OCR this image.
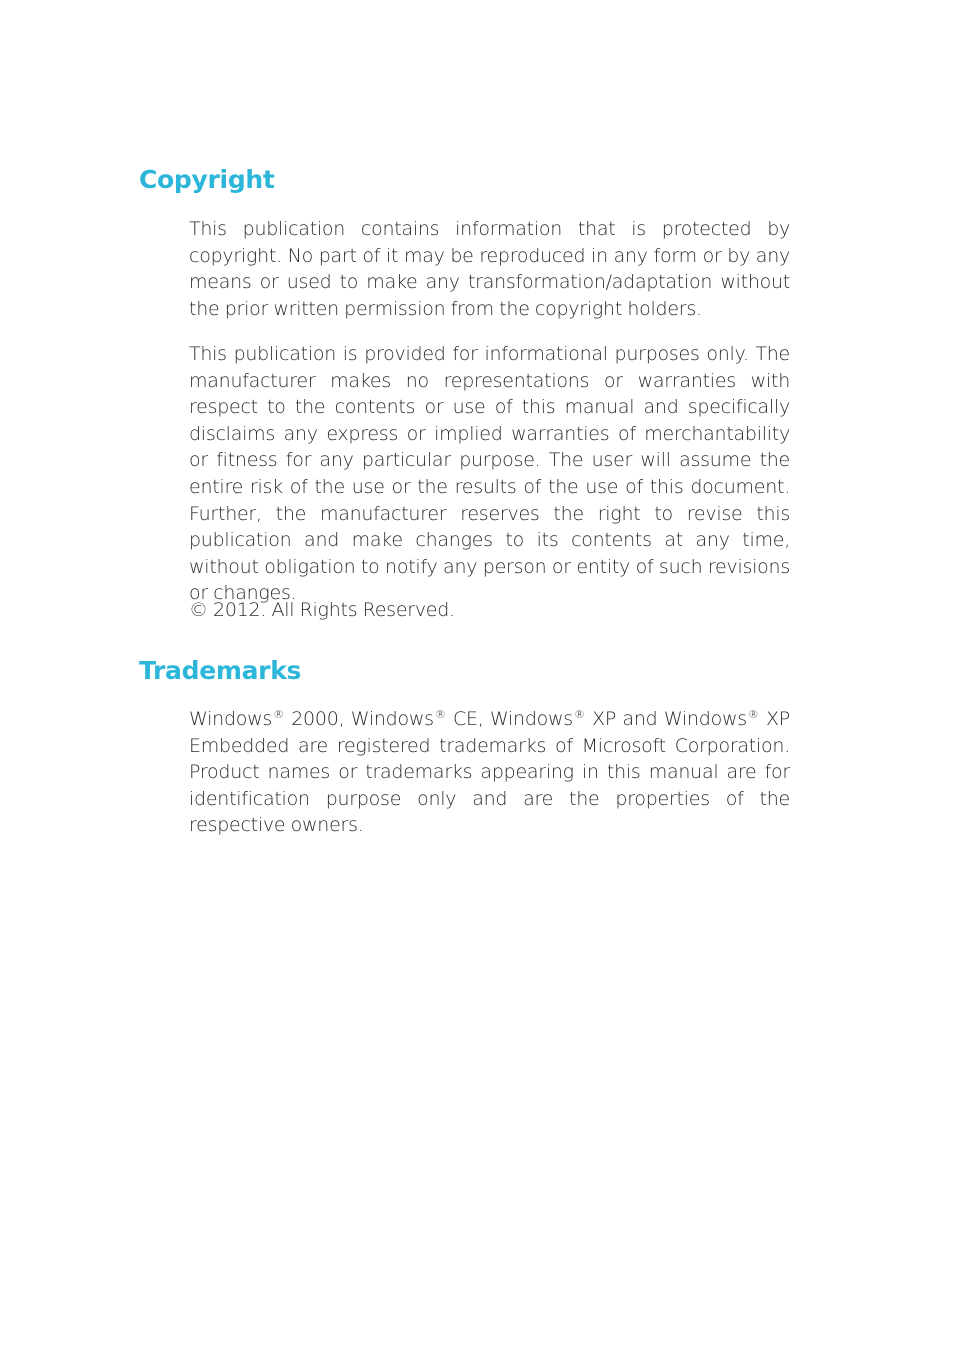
Copyright

This publication contains information that is protected by copyright. No part of it may be reproduced in any form or by any means or used to make any transformation/adaptation without the prior written permission from the copyright holders.

This publication is provided for informational purposes only. The manufacturer makes no representations or warranties with respect to the contents or use of this manual and specifically disclaims any express or implied warranties of merchantability or fitness for any particular purpose. The user will assume the entire risk of the use or the results of the use of this document. Further, the manufacturer reserves the right to revise this publication and make changes to its contents at any time, without obligation to notify any person or entity of such revisions or changes.

© 2012. All Rights Reserved.

Trademarks

Windows® 2000, Windows® CE, Windows® XP and Windows® XP Embedded are registered trademarks of Microsoft Corporation. Product names or trademarks appearing in this manual are for identification purpose only and are the properties of the respective owners.
